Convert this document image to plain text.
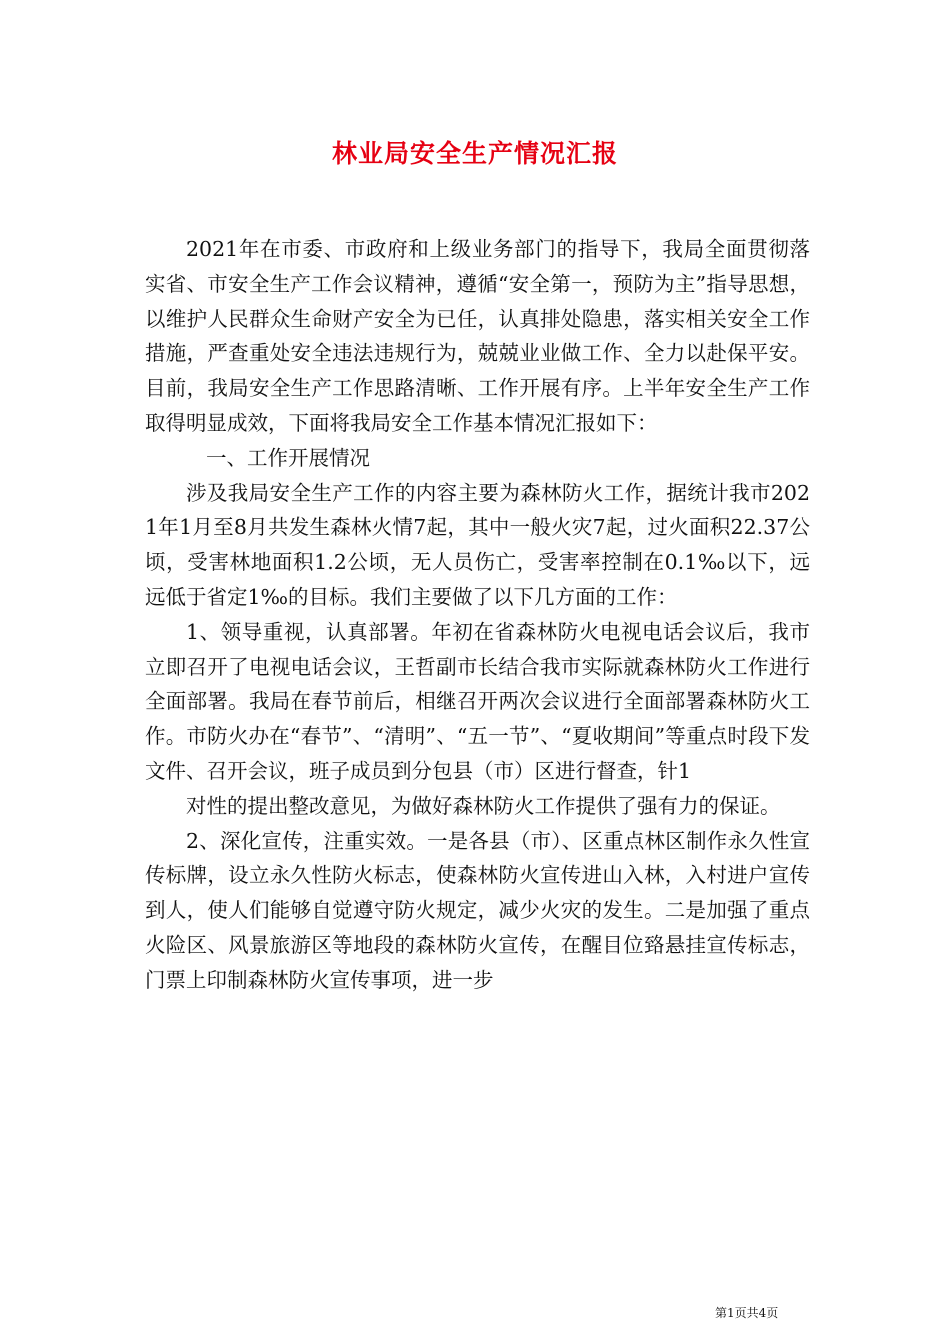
林业局安全生产情况汇报

2021年在市委、市政府和上级业务部门的指导下，我局全面贯彻落实省、市安全生产工作会议精神，遵循“安全第一，预防为主”指导思想，以维护人民群众生命财产安全为已任，认真排处隐患，落实相关安全工作措施，严查重处安全违法违规行为，兢兢业业做工作、全力以赴保平安。目前，我局安全生产工作思路清晰、工作开展有序。上半年安全生产工作取得明显成效，下面将我局安全工作基本情况汇报如下：

一、工作开展情况

涉及我局安全生产工作的内容主要为森林防火工作，据统计我市2021年1月至8月共发生森林火情7起，其中一般火灾7起，过火面积22.37公顷，受害林地面积1.2公顷，无人员伤亡，受害率控制在0.1‰以下，远远低于省定1‰的目标。我们主要做了以下几方面的工作：

1、领导重视，认真部署。年初在省森林防火电视电话会议后，我市立即召开了电视电话会议，王哲副市长结合我市实际就森林防火工作进行全面部署。我局在春节前后，相继召开两次会议进行全面部署森林防火工作。市防火办在“春节”、“清明”、“五一节”、“夏收期间”等重点时段下发文件、召开会议，班子成员到分包县（市）区进行督查，针1

对性的提出整改意见，为做好森林防火工作提供了强有力的保证。

2、深化宣传，注重实效。一是各县（市）、区重点林区制作永久性宣传标牌，设立永久性防火标志，使森林防火宣传进山入林，入村进户宣传到人，使人们能够自觉遵守防火规定，减少火灾的发生。二是加强了重点火险区、风景旅游区等地段的森林防火宣传，在醒目位臵悬挂宣传标志，门票上印制森林防火宣传事项，进一步

第1页共4页
